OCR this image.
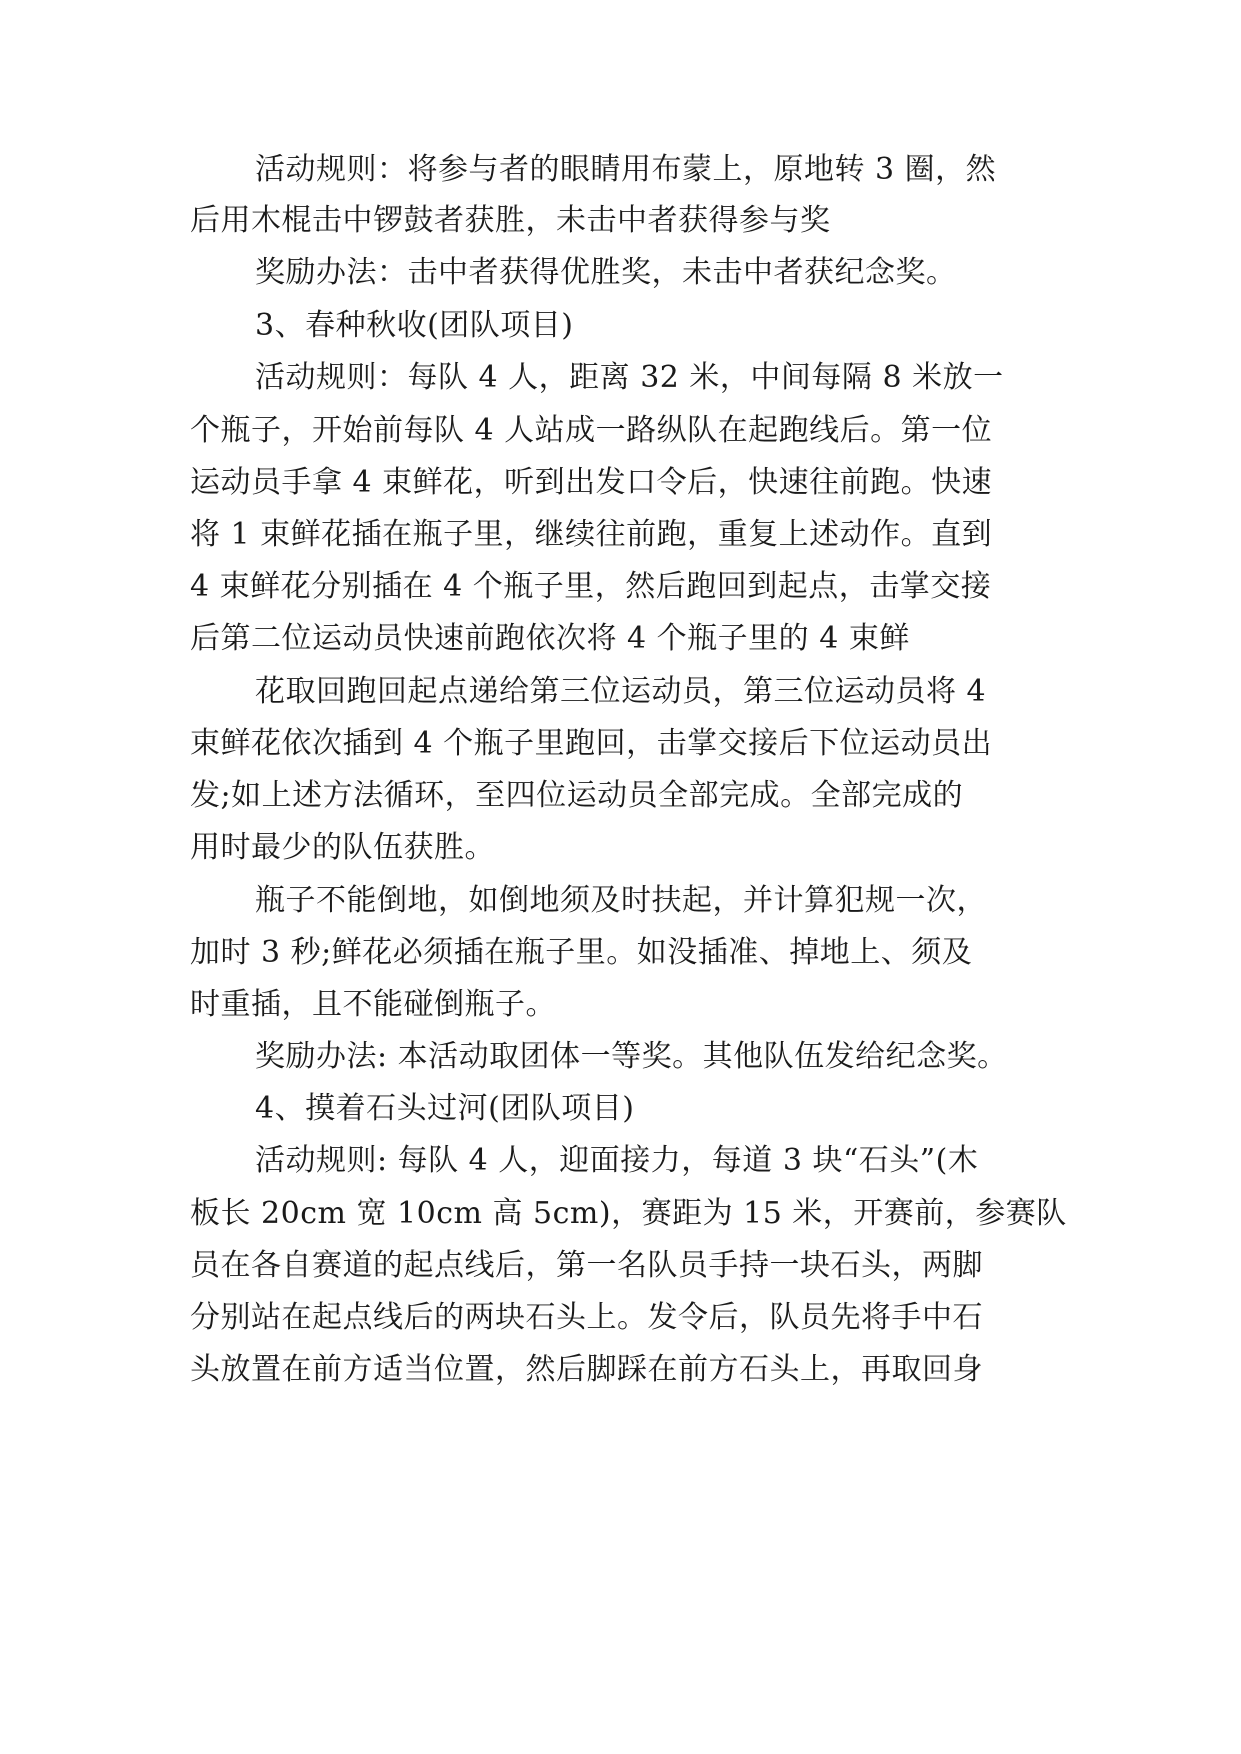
活动规则：将参与者的眼睛用布蒙上，原地转 3 圈，然
后用木棍击中锣鼓者获胜，未击中者获得参与奖
奖励办法：击中者获得优胜奖，未击中者获纪念奖。
3、春种秋收(团队项目)
活动规则：每队 4 人，距离 32 米，中间每隔 8 米放一
个瓶子，开始前每队 4 人站成一路纵队在起跑线后。第一位
运动员手拿 4 束鲜花，听到出发口令后，快速往前跑。快速
将 1 束鲜花插在瓶子里，继续往前跑，重复上述动作。直到
4 束鲜花分别插在 4 个瓶子里，然后跑回到起点，击掌交接
后第二位运动员快速前跑依次将 4 个瓶子里的 4 束鲜
花取回跑回起点递给第三位运动员，第三位运动员将 4
束鲜花依次插到 4 个瓶子里跑回，击掌交接后下位运动员出
发;如上述方法循环，至四位运动员全部完成。全部完成的
用时最少的队伍获胜。
瓶子不能倒地，如倒地须及时扶起，并计算犯规一次，
加时 3 秒;鲜花必须插在瓶子里。如没插准、掉地上、须及
时重插，且不能碰倒瓶子。
奖励办法: 本活动取团体一等奖。其他队伍发给纪念奖。
4、摸着石头过河(团队项目)
活动规则: 每队 4 人，迎面接力，每道 3 块“石头”(木
板长 20cm 宽 10cm 高 5cm)，赛距为 15 米，开赛前，参赛队
员在各自赛道的起点线后，第一名队员手持一块石头，两脚
分别站在起点线后的两块石头上。发令后，队员先将手中石
头放置在前方适当位置，然后脚踩在前方石头上，再取回身
